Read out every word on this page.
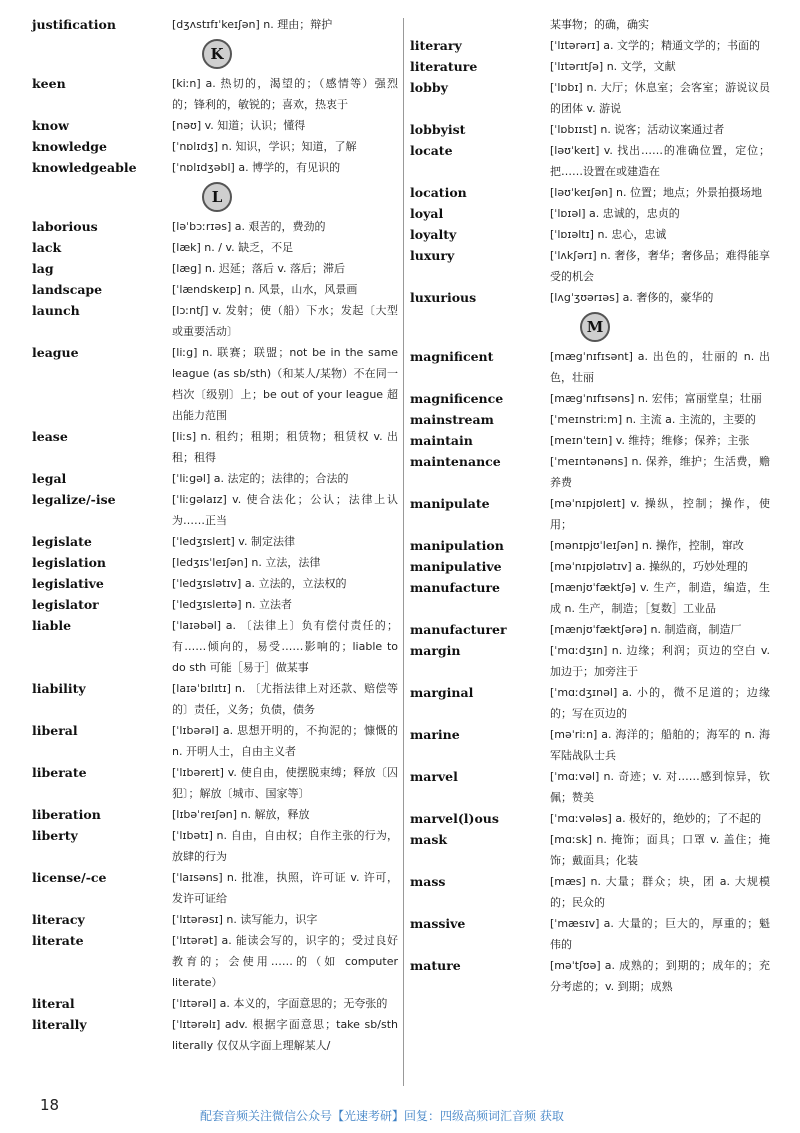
justification	[dʒʌstɪfɪˈkeɪʃən] n. 理由；辩护
K
keen	[kiːn] a. 热切的，渴望的；（感情等）强烈的；锋利的，敏锐的；喜欢，热衷于
know	[nəʊ] v. 知道；认识；懂得
knowledge	[ˈnɒlɪdʒ] n. 知识，学识；知道，了解
knowledgeable	[ˈnɒlɪdʒəbl] a. 博学的，有见识的
L
laborious	[ləˈbɔːrɪəs] a. 艰苦的，费劲的
lack	[læk] n. / v. 缺乏，不足
lag	[læg] n. 迟延；落后 v. 落后；滞后
landscape	[ˈlændskeɪp] n. 风景，山水，风景画
launch	[lɔːntʃ] v. 发射；使（船）下水；发起〔大型或重要活动〕
league	[liːg] n. 联赛；联盟；not be in the same league (as sb/sth)（和某人/某物）不在同一档次〔级别〕上；be out of your league 超出能力范围
lease	[liːs] n. 租约；租期；租赁物；租赁权 v. 出租；租得
legal	[ˈliːgəl] a. 法定的；法律的；合法的
legalize/-ise	[ˈliːgəlaɪz] v. 使合法化；公认；法律上认为……正当
legislate	[ˈledʒɪsleɪt] v. 制定法律
legislation	[ledʒɪsˈleɪʃən] n. 立法，法律
legislative	[ˈledʒɪslətɪv] a. 立法的，立法权的
legislator	[ˈledʒɪsleɪtə] n. 立法者
liable	[ˈlaɪəbəl] a. 〔法律上〕负有偿付责任的；有……倾向的，易受……影响的；liable to do sth 可能［易于］做某事
liability	[laɪəˈbɪlɪtɪ] n. 〔尤指法律上对还款、赔偿等的〕责任，义务；负债，债务
liberal	[ˈlɪbərəl] a. 思想开明的，不拘泥的；慷慨的 n. 开明人士，自由主义者
liberate	[ˈlɪbəreɪt] v. 使自由，使摆脱束缚；释放〔囚犯〕；解放〔城市、国家等〕
liberation	[lɪbəˈreɪʃən] n. 解放，释放
liberty	[ˈlɪbətɪ] n. 自由，自由权；自作主张的行为，放肆的行为
license/-ce	[ˈlaɪsəns] n. 批准，执照，许可证 v. 许可，发许可证给
literacy	[ˈlɪtərəsɪ] n. 读写能力，识字
literate	[ˈlɪtərət] a. 能读会写的，识字的；受过良好教育的；会使用……的（如 computer literate）
literal	[ˈlɪtərəl] a. 本义的，字面意思的；无夸张的
literally	[ˈlɪtərəlɪ] adv. 根据字面意思；take sb/sth literally 仅仅从字面上理解某人/
某事物；的确，确实
literary	[ˈlɪtərərɪ] a. 文学的；精通文学的；书面的
literature	[ˈlɪtərɪtʃə] n. 文学，文献
lobby	[ˈlɒbɪ] n. 大厅；休息室；会客室；游说议员的团体 v. 游说
lobbyist	[ˈlɒbɪɪst] n. 说客；活动议案通过者
locate	[ləʊˈkeɪt] v. 找出……的准确位置，定位；把……设置在或建造在
location	[ləʊˈkeɪʃən] n. 位置；地点；外景拍摄场地
loyal	[ˈlɒɪəl] a. 忠诚的，忠贞的
loyalty	[ˈlɒɪəltɪ] n. 忠心，忠诚
luxury	[ˈlʌkʃərɪ] n. 奢侈，奢华；奢侈品；难得能享受的机会
luxurious	[lʌgˈʒʊərɪəs] a. 奢侈的，豪华的
M
magnificent	[mægˈnɪfɪsənt] a. 出色的，壮丽的 n. 出色，壮丽
magnificence	[mægˈnɪfɪsəns] n. 宏伟；富丽堂皇；壮丽
mainstream	[ˈmeɪnstriːm] n. 主流 a. 主流的，主要的
maintain	[meɪnˈteɪn] v. 维持；维修；保养；主张
maintenance	[ˈmeɪntənəns] n. 保养，维护；生活费，赡养费
manipulate	[məˈnɪpjʊleɪt] v. 操纵，控制；操作，使用；
manipulation	[mənɪpjʊˈleɪʃən] n. 操作，控制，窜改
manipulative	[məˈnɪpjʊlətɪv] a. 操纵的，巧妙处理的
manufacture	[mænjʊˈfæktʃə] v. 生产，制造，编造，生成 n. 生产，制造；［复数］工业品
manufacturer	[mænjʊˈfæktʃərə] n. 制造商，制造厂
margin	[ˈmɑːdʒɪn] n. 边缘；利润；页边的空白 v. 加边于；加旁注于
marginal	[ˈmɑːdʒɪnəl] a. 小的，微不足道的；边缘的；写在页边的
marine	[məˈriːn] a. 海洋的；船舶的；海军的 n. 海军陆战队士兵
marvel	[ˈmɑːvəl] n. 奇迹；v. 对……感到惊异，钦佩；赞美
marvel(l)ous	[ˈmɑːvələs] a. 极好的，绝妙的；了不起的
mask	[mɑːsk] n. 掩饰；面具；口罩 v. 盖住；掩饰；戴面具；化装
mass	[mæs] n. 大量；群众；块，团 a. 大规模的；民众的
massive	[ˈmæsɪv] a. 大量的；巨大的，厚重的；魁伟的
mature	[məˈtʃʊə] a. 成熟的；到期的；成年的；充分考虑的；v. 到期；成熟
18
配套音频关注微信公众号【光速考研】回复：四级高频词汇音频 获取
